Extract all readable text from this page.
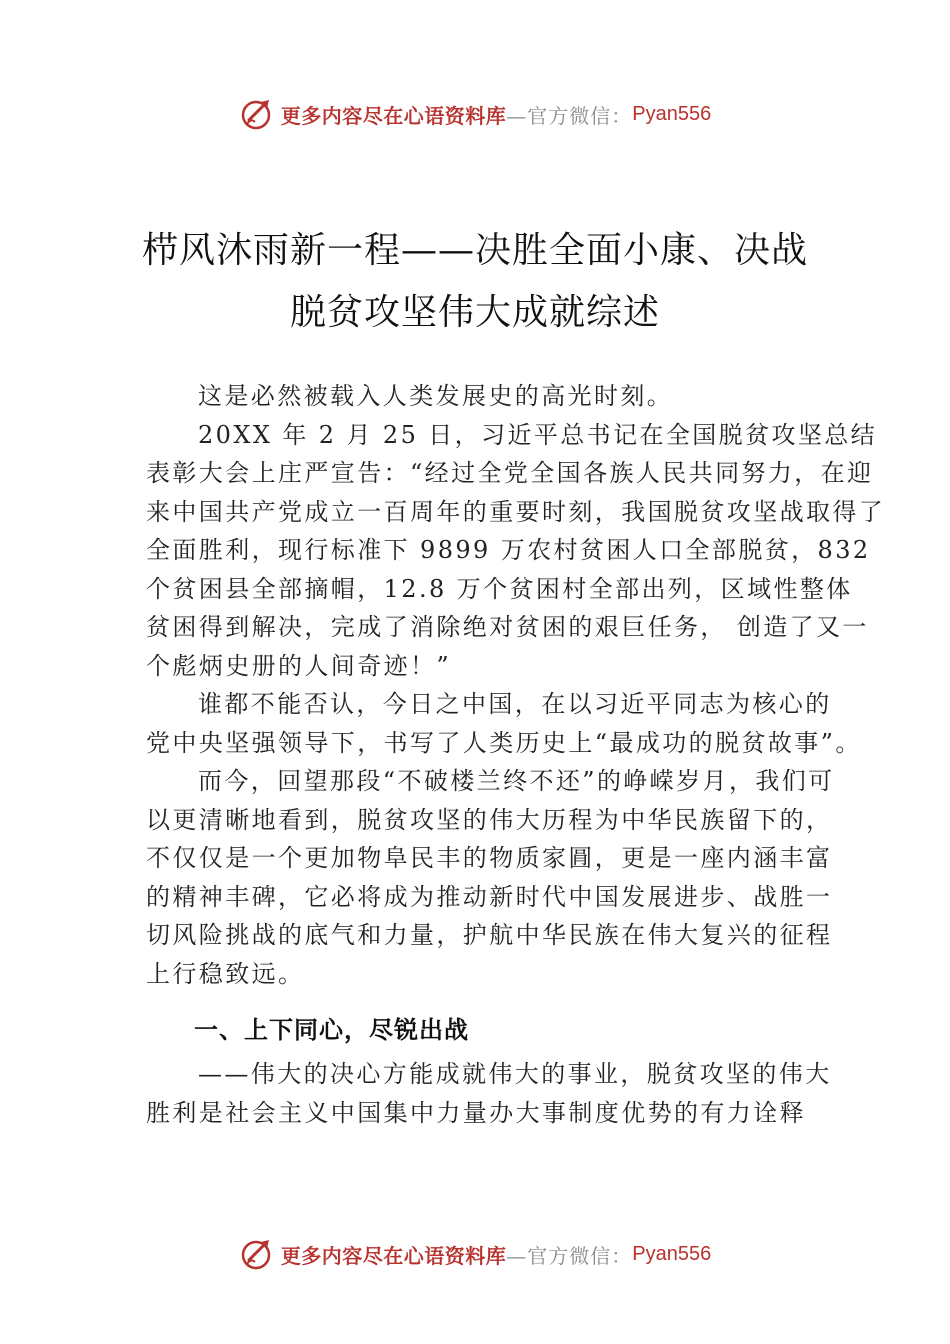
更多内容尽在心语资料库 —官方微信： Pyan556
栉风沐雨新一程——决胜全面小康、决战
脱贫攻坚伟大成就综述
这是必然被载入人类发展史的高光时刻。
20XX 年 2 月 25 日，习近平总书记在全国脱贫攻坚总结
表彰大会上庄严宣告：“经过全党全国各族人民共同努力，在迎
来中国共产党成立一百周年的重要时刻，我国脱贫攻坚战取得了
全面胜利，现行标准下 9899 万农村贫困人口全部脱贫，832
个贫困县全部摘帽，12.8 万个贫困村全部出列，区域性整体
贫困得到解决，完成了消除绝对贫困的艰巨任务， 创造了又一
个彪炳史册的人间奇迹！”
谁都不能否认，今日之中国，在以习近平同志为核心的
党中央坚强领导下，书写了人类历史上“最成功的脱贫故事”。
而今，回望那段“不破楼兰终不还”的峥嵘岁月，我们可
以更清晰地看到，脱贫攻坚的伟大历程为中华民族留下的，
不仅仅是一个更加物阜民丰的物质家㘣，更是一座内涵丰富
的精神丰碑，它必将成为推动新时代中国发展进步、战胜一
切风险挑战的底气和力量，护航中华民族在伟大复兴的征程
上行稳致远。
一、上下同心，尽锐出战
——伟大的决心方能成就伟大的事业，脱贫攻坚的伟大
胜利是社会主义中国集中力量办大事制度优势的有力诠释
更多内容尽在心语资料库 —官方微信： Pyan556
